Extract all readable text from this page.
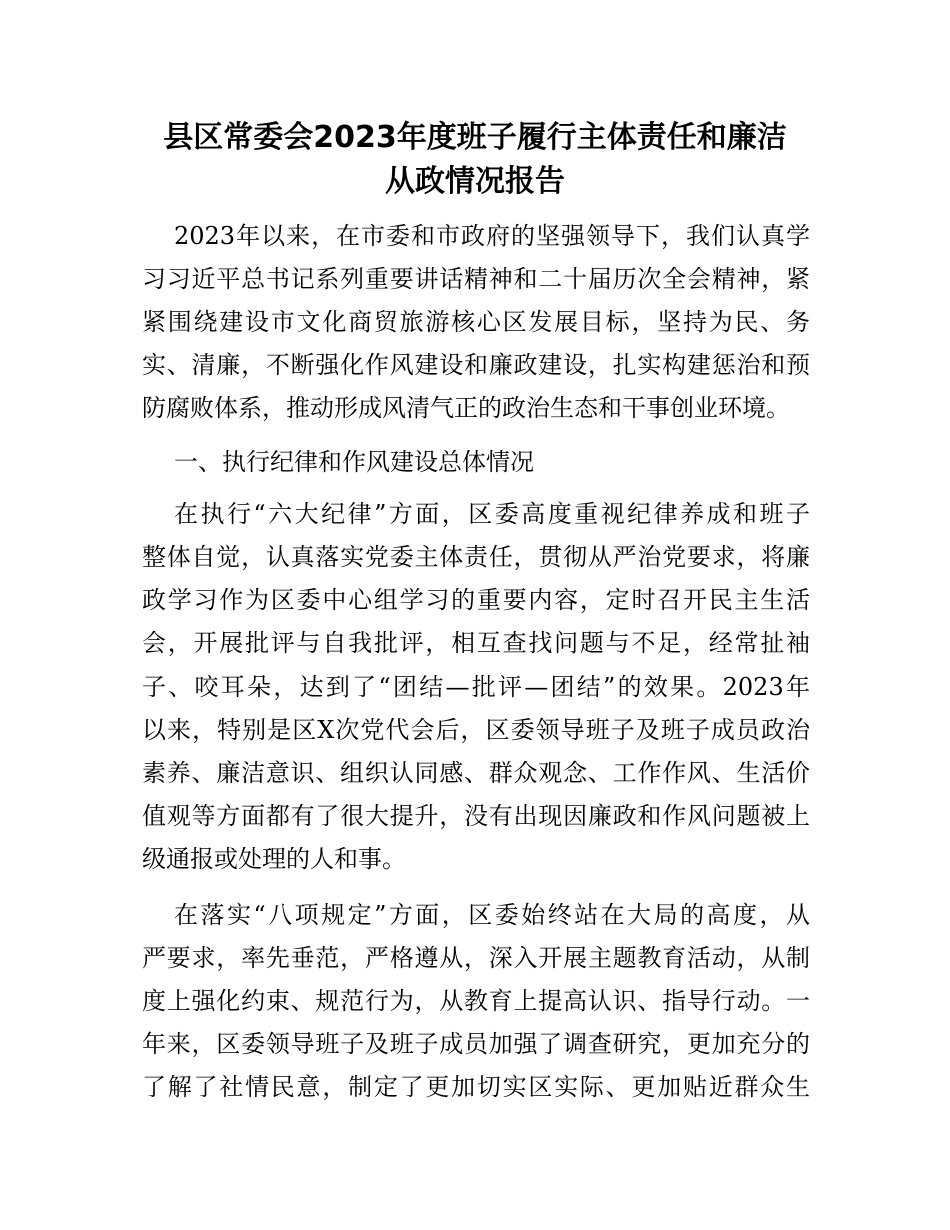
县区常委会2023年度班子履行主体责任和廉洁
从政情况报告

2023年以来，在市委和市政府的坚强领导下，我们认真学

习习近平总书记系列重要讲话精神和二十届历次全会精神，紧

紧围绕建设市文化商贸旅游核心区发展目标，坚持为民、务

实、清廉，不断强化作风建设和廉政建设，扎实构建惩治和预

防腐败体系，推动形成风清气正的政治生态和干事创业环境。

一、执行纪律和作风建设总体情况

在执行“六大纪律”方面，区委高度重视纪律养成和班子

整体自觉，认真落实党委主体责任，贯彻从严治党要求，将廉

政学习作为区委中心组学习的重要内容，定时召开民主生活

会，开展批评与自我批评，相互查找问题与不足，经常扯袖

子、咬耳朵，达到了“团结—批评—团结”的效果。2023年

以来，特别是区X次党代会后，区委领导班子及班子成员政治

素养、廉洁意识、组织认同感、群众观念、工作作风、生活价

值观等方面都有了很大提升，没有出现因廉政和作风问题被上

级通报或处理的人和事。

在落实“八项规定”方面，区委始终站在大局的高度，从

严要求，率先垂范，严格遵从，深入开展主题教育活动，从制

度上强化约束、规范行为，从教育上提高认识、指导行动。一

年来，区委领导班子及班子成员加强了调查研究，更加充分的

了解了社情民意，制定了更加切实区实际、更加贴近群众生
